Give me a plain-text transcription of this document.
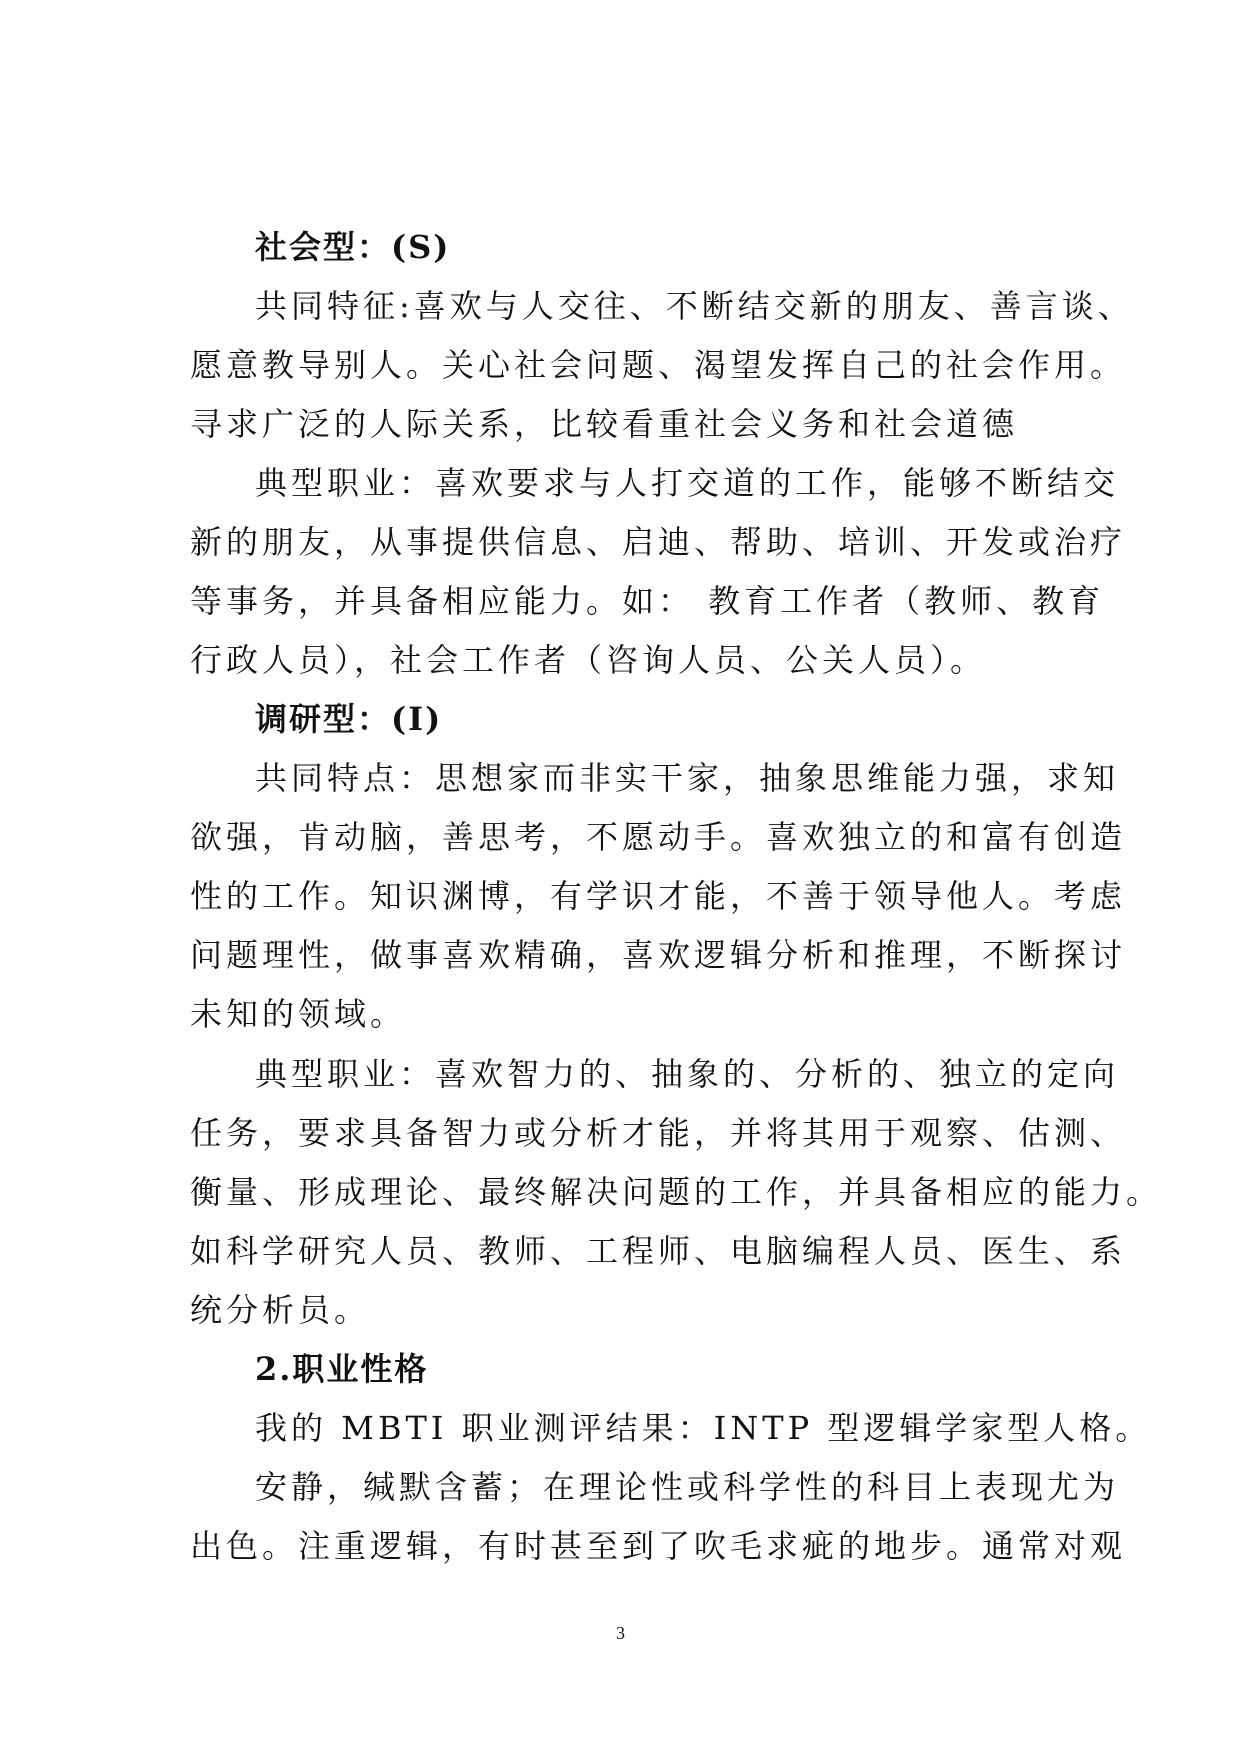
社会型：(S)
共同特征:喜欢与人交往、不断结交新的朋友、善言谈、
愿意教导别人。关心社会问题、渴望发挥自己的社会作用。
寻求广泛的人际关系，比较看重社会义务和社会道德
典型职业：喜欢要求与人打交道的工作，能够不断结交
新的朋友，从事提供信息、启迪、帮助、培训、开发或治疗
等事务，并具备相应能力。如： 教育工作者（教师、教育
行政人员），社会工作者（咨询人员、公关人员）。
调研型：(I)
共同特点：思想家而非实干家，抽象思维能力强，求知
欲强，肯动脑，善思考，不愿动手。喜欢独立的和富有创造
性的工作。知识渊博，有学识才能，不善于领导他人。考虑
问题理性，做事喜欢精确，喜欢逻辑分析和推理，不断探讨
未知的领域。
典型职业：喜欢智力的、抽象的、分析的、独立的定向
任务，要求具备智力或分析才能，并将其用于观察、估测、
衡量、形成理论、最终解决问题的工作，并具备相应的能力。
如科学研究人员、教师、工程师、电脑编程人员、医生、系
统分析员。
2.职业性格
我的 MBTI 职业测评结果：INTP 型逻辑学家型人格。
安静，缄默含蓄；在理论性或科学性的科目上表现尤为
出色。注重逻辑，有时甚至到了吹毛求疵的地步。通常对观
3
